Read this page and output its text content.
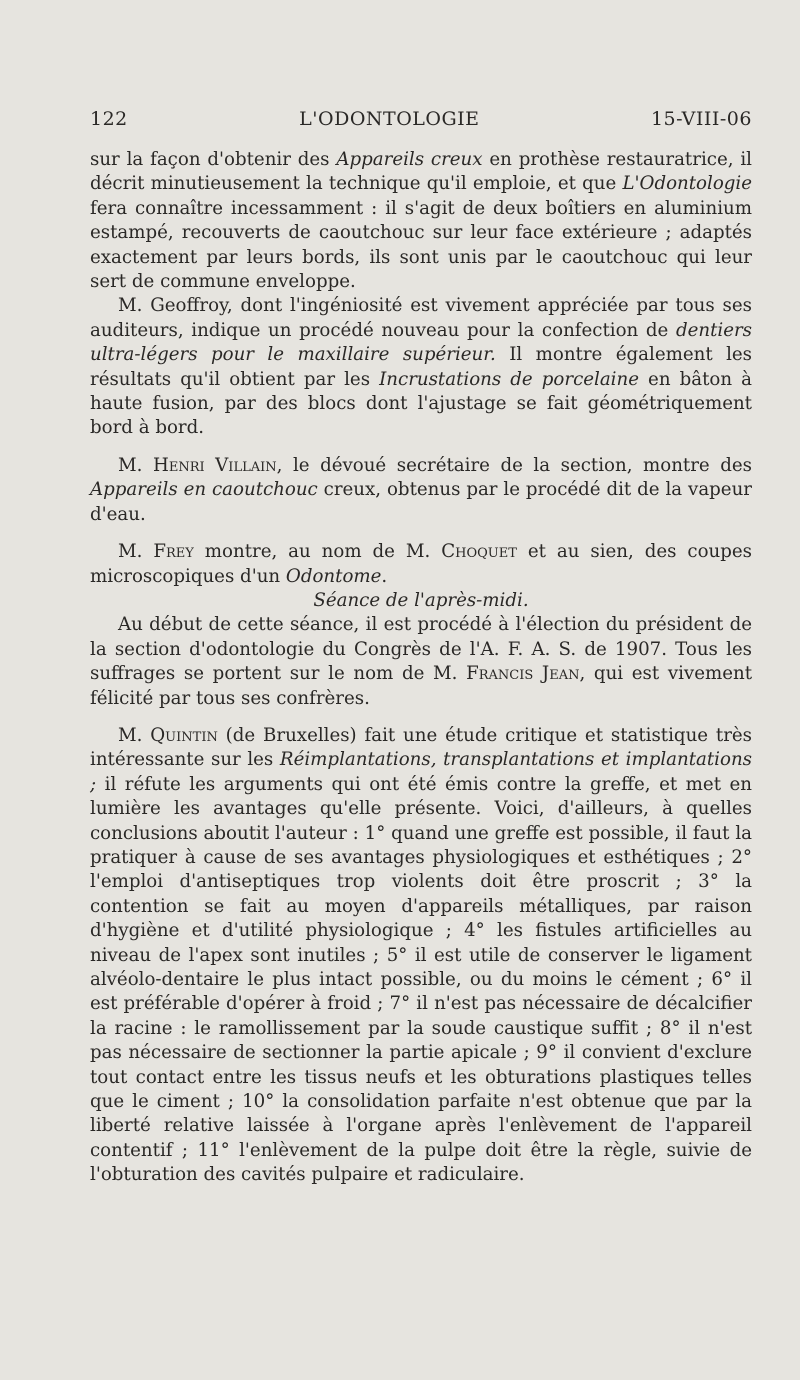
122	L'ODONTOLOGIE	15-VIII-06

sur la façon d'obtenir des Appareils creux en prothèse restauratrice, il décrit minutieusement la technique qu'il emploie, et que L'Odontologie fera connaître incessamment : il s'agit de deux boîtiers en aluminium estampé, recouverts de caoutchouc sur leur face extérieure ; adaptés exactement par leurs bords, ils sont unis par le caoutchouc qui leur sert de commune enveloppe.

M. Geoffroy, dont l'ingéniosité est vivement appréciée par tous ses auditeurs, indique un procédé nouveau pour la confection de dentiers ultra-légers pour le maxillaire supérieur. Il montre également les résultats qu'il obtient par les Incrustations de porcelaine en bâton à haute fusion, par des blocs dont l'ajustage se fait géométriquement bord à bord.

M. Henri Villain, le dévoué secrétaire de la section, montre des Appareils en caoutchouc creux, obtenus par le procédé dit de la vapeur d'eau.

M. Frey montre, au nom de M. Choquet et au sien, des coupes microscopiques d'un Odontome.

Séance de l'après-midi.

Au début de cette séance, il est procédé à l'élection du président de la section d'odontologie du Congrès de l'A. F. A. S. de 1907. Tous les suffrages se portent sur le nom de M. Francis Jean, qui est vivement félicité par tous ses confrères.

M. Quintin (de Bruxelles) fait une étude critique et statistique très intéressante sur les Réimplantations, transplantations et implantations ; il réfute les arguments qui ont été émis contre la greffe, et met en lumière les avantages qu'elle présente. Voici, d'ailleurs, à quelles conclusions aboutit l'auteur : 1° quand une greffe est possible, il faut la pratiquer à cause de ses avantages physiologiques et esthétiques ; 2° l'emploi d'antiseptiques trop violents doit être proscrit ; 3° la contention se fait au moyen d'appareils métalliques, par raison d'hygiène et d'utilité physiologique ; 4° les fistules artificielles au niveau de l'apex sont inutiles ; 5° il est utile de conserver le ligament alvéolo-dentaire le plus intact possible, ou du moins le cément ; 6° il est préférable d'opérer à froid ; 7° il n'est pas nécessaire de décalcifier la racine : le ramollissement par la soude caustique suffit ; 8° il n'est pas nécessaire de sectionner la partie apicale ; 9° il convient d'exclure tout contact entre les tissus neufs et les obturations plastiques telles que le ciment ; 10° la consolidation parfaite n'est obtenue que par la liberté relative laissée à l'organe après l'enlèvement de l'appareil contentif ; 11° l'enlèvement de la pulpe doit être la règle, suivie de l'obturation des cavités pulpaire et radiculaire.
